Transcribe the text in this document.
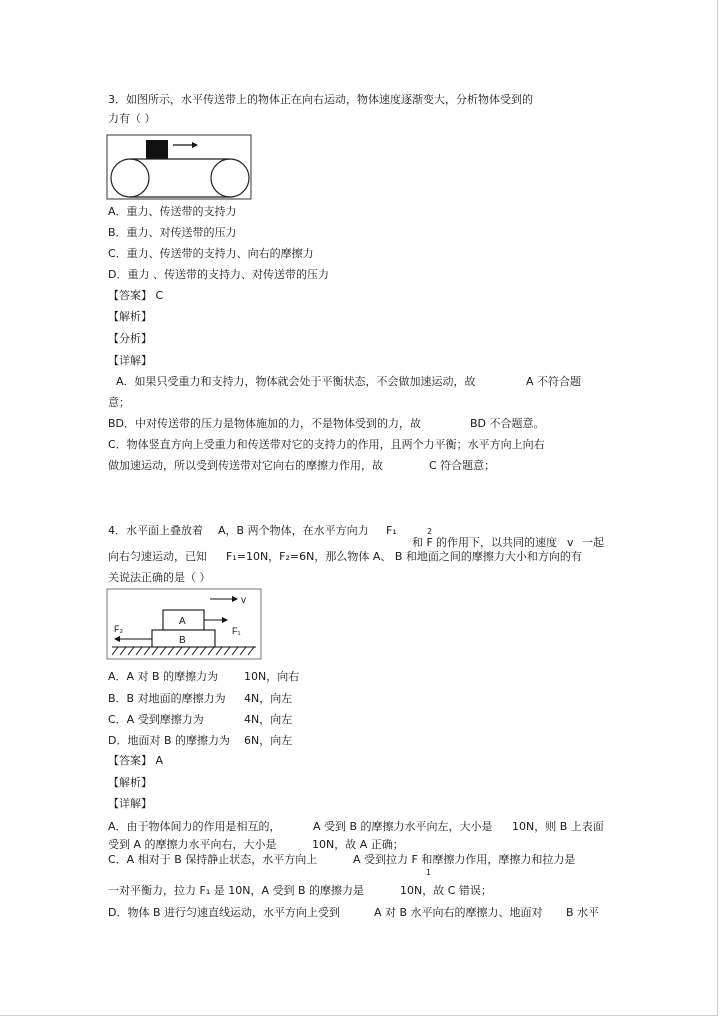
3．如图所示，水平传送带上的物体正在向右运动，物体速度逐渐变大，分析物体受到的
力有（ ）
A．重力、传送带的支持力
B．重力、对传送带的压力
C．重力、传送带的支持力、向右的摩擦力
D．重力 、传送带的支持力、对传送带的压力
【答案】 C
【解析】
【分析】
【详解】
A．如果只受重力和支持力，物体就会处于平衡状态，不会做加速运动，故	A 不符合题
意；
BD．中对传送带的压力是物体施加的力，不是物体受到的力，故	BD 不合题意。
C．物体竖直方向上受重力和传送带对它的支持力的作用，且两个力平衡；水平方向上向右
做加速运动，所以受到传送带对它向右的摩擦力作用，故	C 符合题意；
4．水平面上叠放着 A，B 两个物体，在水平方向力 F₁	2
和 F 的作用下，以共同的速度 v 一起
向右匀速运动，已知 F₁=10N，F₂=6N，那么物体 A、 B 和地面之间的摩擦力大小和方向的有
关说法正确的是（ ）
v
A
F₁
B
F₂
A．A 对 B 的摩擦力为 10N，向右
B．B 对地面的摩擦力为 4N，向左
C．A 受到摩擦力为	4N，向左
D．地面对 B 的摩擦力为 6N，向左
【答案】 A
【解析】
【详解】
A．由于物体间力的作用是相互的，	A 受到 B 的摩擦力水平向左，大小是 10N，则 B 上表面
受到 A 的摩擦力水平向右，大小是	10N，故 A 正确；
C．A 相对于 B 保持静止状态，水平方向上	A 受到拉力 F 和摩擦力作用，摩擦力和拉力是
1
一对平衡力，拉力 F₁ 是 10N，A 受到 B 的摩擦力是	10N，故 C 错误；
D．物体 B 进行匀速直线运动，水平方向上受到	A 对 B 水平向右的摩擦力、地面对 B 水平
